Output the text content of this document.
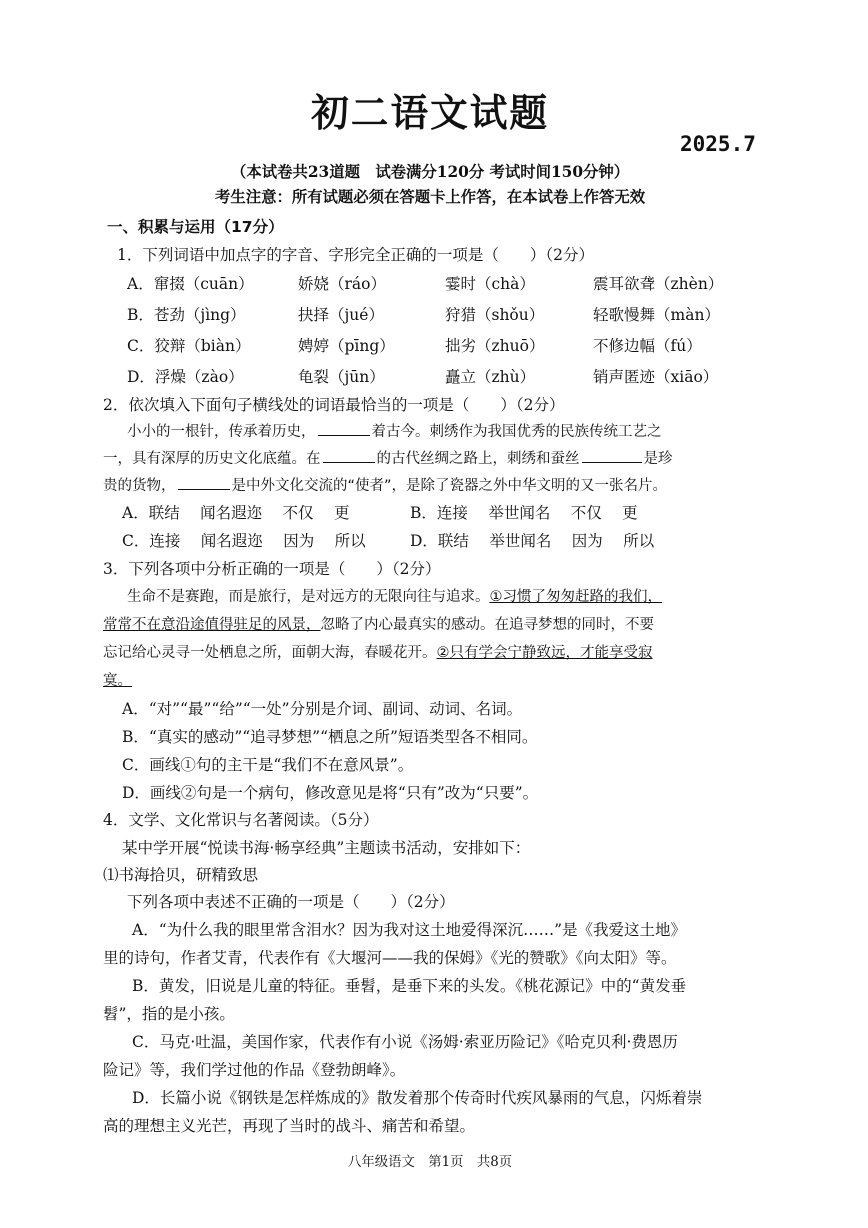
初二语文试题
2025.7
（本试卷共23道题　试卷满分120分 考试时间150分钟）
考生注意：所有试题必须在答题卡上作答，在本试卷上作答无效
一、积累与运用（17分）
1．下列词语中加点字的字音、字形完全正确的一项是（　　）（2分）
A．窜掇（cuān）	娇娆（ráo）	霎时（chà）	震耳欲聋（zhèn）
B．苍劲（jìng）	抉择（jué）	狩猎（shǒu）	轻歌慢舞（màn）
C．狡辩（biàn）	娉婷（pīng）	拙劣（zhuō）	不修边幅（fú）
D．浮燥（zào）	龟裂（jūn）	矗立（zhù）	销声匿迹（xiāo）
2．依次填入下面句子横线处的词语最恰当的一项是（　　）（2分）
小小的一根针，传承着历史，	着古今。刺绣作为我国优秀的民族传统工艺之
一，具有深厚的历史文化底蕴。在	的古代丝绸之路上，刺绣和蚕丝	是珍
贵的货物，	是中外文化交流的“使者”，是除了瓷器之外中华文明的又一张名片。
A．联结　 闻名遐迩　 不仅　 更	B．连接　 举世闻名　 不仅　 更
C．连接　 闻名遐迩　 因为　 所以	D．联结　 举世闻名　 因为　 所以
3．下列各项中分析正确的一项是（　　）（2分）
生命不是赛跑，而是旅行，是对远方的无限向往与追求。①习惯了匆匆赶路的我们，
常常不在意沿途值得驻足的风景，忽略了内心最真实的感动。在追寻梦想的同时，不要
忘记给心灵寻一处栖息之所，面朝大海，春暖花开。②只有学会宁静致远，才能享受寂
寞。
A．“对”“最”“给”“一处”分别是介词、副词、动词、名词。
B．“真实的感动”“追寻梦想”“栖息之所”短语类型各不相同。
C．画线①句的主干是“我们不在意风景”。
D．画线②句是一个病句，修改意见是将“只有”改为“只要”。
4．文学、文化常识与名著阅读。（5分）
某中学开展“悦读书海·畅享经典”主题读书活动，安排如下：
⑴书海拾贝，研精致思
下列各项中表述不正确的一项是（　　）（2分）
A．“为什么我的眼里常含泪水？因为我对这土地爱得深沉……”是《我爱这土地》
里的诗句，作者艾青，代表作有《大堰河——我的保姆》《光的赞歌》《向太阳》等。
B．黄发，旧说是儿童的特征。垂髫，是垂下来的头发。《桃花源记》中的“黄发垂
髫”，指的是小孩。
C．马克·吐温，美国作家，代表作有小说《汤姆·索亚历险记》《哈克贝利·费恩历
险记》等，我们学过他的作品《登勃朗峰》。
D．长篇小说《钢铁是怎样炼成的》散发着那个传奇时代疾风暴雨的气息，闪烁着崇
高的理想主义光芒，再现了当时的战斗、痛苦和希望。
八年级语文　第1页　共8页
